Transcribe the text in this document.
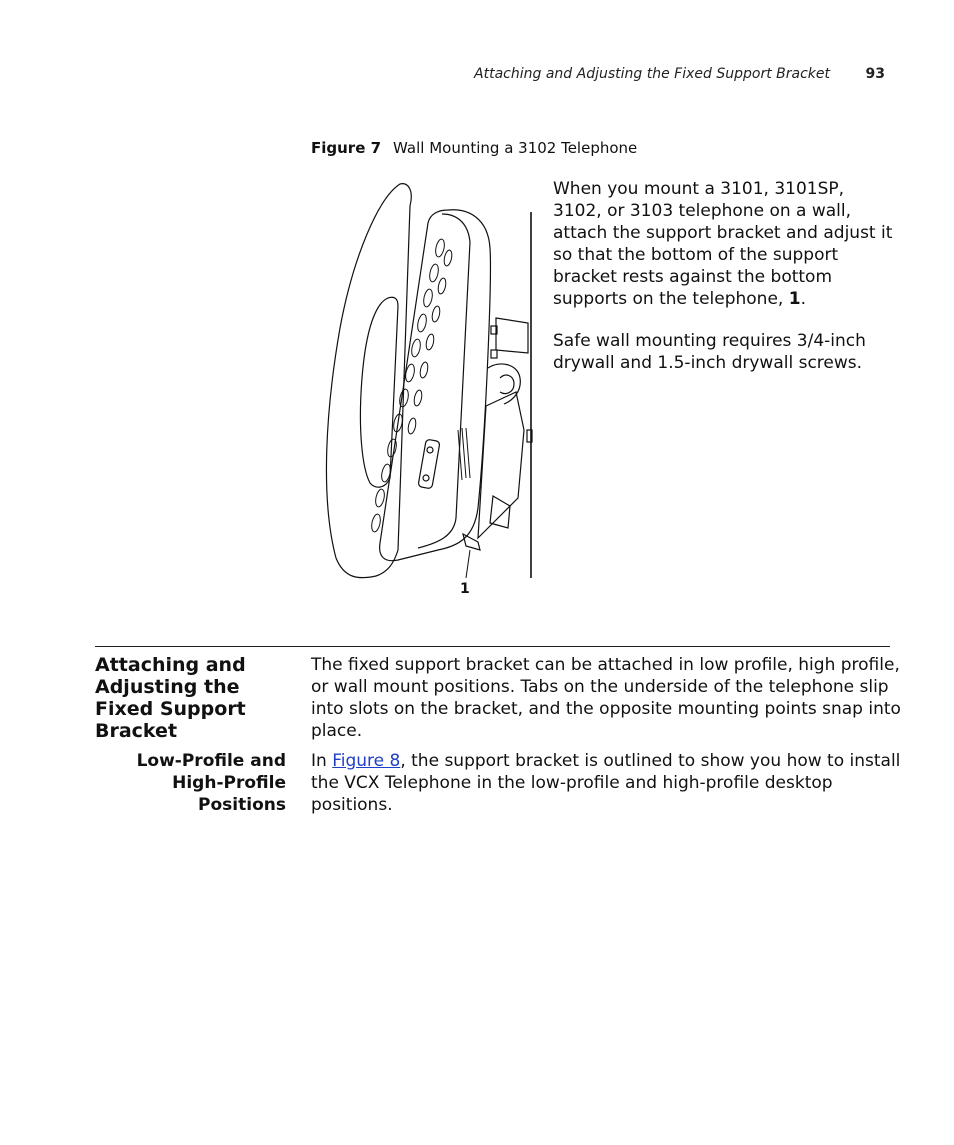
Attaching and Adjusting the Fixed Support Bracket	93
Figure 7 Wall Mounting a 3102 Telephone
1

When you mount a 3101, 3101SP, 3102, or 3103 telephone on a wall, attach the support bracket and adjust it so that the bottom of the support bracket rests against the bottom supports on the telephone, 1.

Safe wall mounting requires 3/4-inch drywall and 1.5-inch drywall screws.

Attaching and Adjusting the Fixed Support Bracket

The fixed support bracket can be attached in low profile, high profile, or wall mount positions. Tabs on the underside of the telephone slip into slots on the bracket, and the opposite mounting points snap into place.

Low-Profile and High-Profile Positions

In Figure 8, the support bracket is outlined to show you how to install the VCX Telephone in the low-profile and high-profile desktop positions.
